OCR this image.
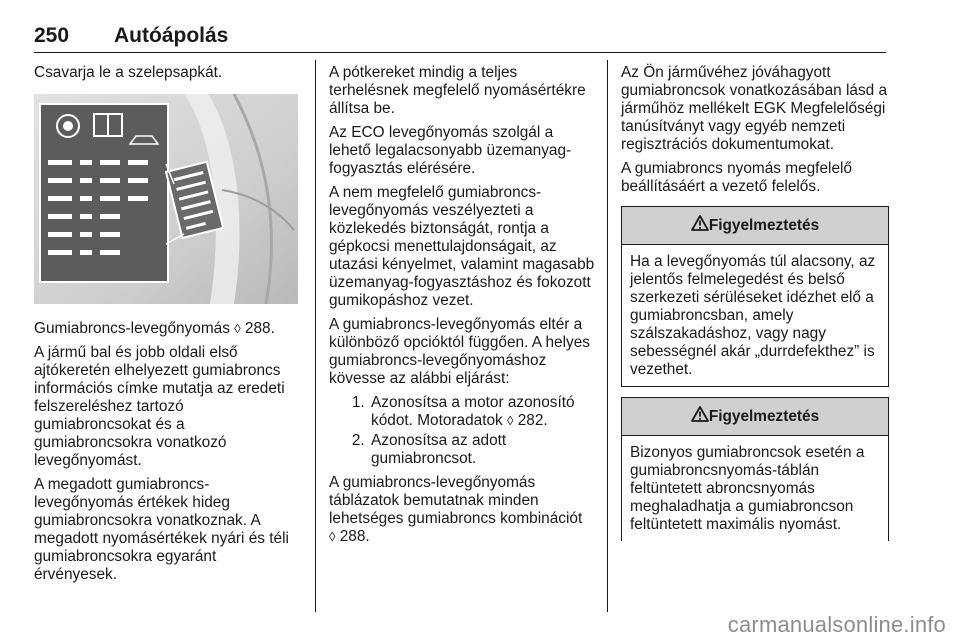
250 Autóápolás

Csavarja le a szelepsapkát.

Gumiabroncs-levegőnyomás ◊ 288.

A jármű bal és jobb oldali első ajtókeretén elhelyezett gumiabroncs információs címke mutatja az eredeti felszereléshez tartozó gumiabroncsokat és a gumiabroncsokra vonatkozó levegőnyomást.

A megadott gumiabroncs-levegőnyomás értékek hideg gumiabroncsokra vonatkoznak. A megadott nyomásértékek nyári és téli gumiabroncsokra egyaránt érvényesek.

A pótkereket mindig a teljes terhelésnek megfelelő nyomásértékre állítsa be.

Az ECO levegőnyomás szolgál a lehető legalacsonyabb üzemanyag-fogyasztás elérésére.

A nem megfelelő gumiabroncs-levegőnyomás veszélyezteti a közlekedés biztonságát, rontja a gépkocsi menettulajdonságait, az utazási kényelmet, valamint magasabb üzemanyag-fogyasztáshoz és fokozott gumikopáshoz vezet.

A gumiabroncs-levegőnyomás eltér a különböző opcióktól függően. A helyes gumiabroncs-levegőnyomáshoz kövesse az alábbi eljárást:

1. Azonosítsa a motor azonosító kódot. Motoradatok ◊ 282.
2. Azonosítsa az adott gumiabroncsot.

A gumiabroncs-levegőnyomás táblázatok bemutatnak minden lehetséges gumiabroncs kombinációt
◊ 288.

Az Ön járművéhez jóváhagyott gumiabroncsok vonatkozásában lásd a járműhöz mellékelt EGK Megfelelőségi tanúsítványt vagy egyéb nemzeti regisztrációs dokumentumokat.

A gumiabroncs nyomás megfelelő beállításáért a vezető felelős.

Figyelmeztetés
Ha a levegőnyomás túl alacsony, az jelentős felmelegedést és belső szerkezeti sérüléseket idézhet elő a gumiabroncsban, amely szálszakadáshoz, vagy nagy sebességnél akár „durrdefekthez” is vezethet.
Figyelmeztetés
Bizonyos gumiabroncsok esetén a gumiabroncsnyomás-táblán feltüntetett abroncsnyomás meghaladhatja a gumiabroncson feltüntetett maximális nyomást.
carmanualsonline.info
